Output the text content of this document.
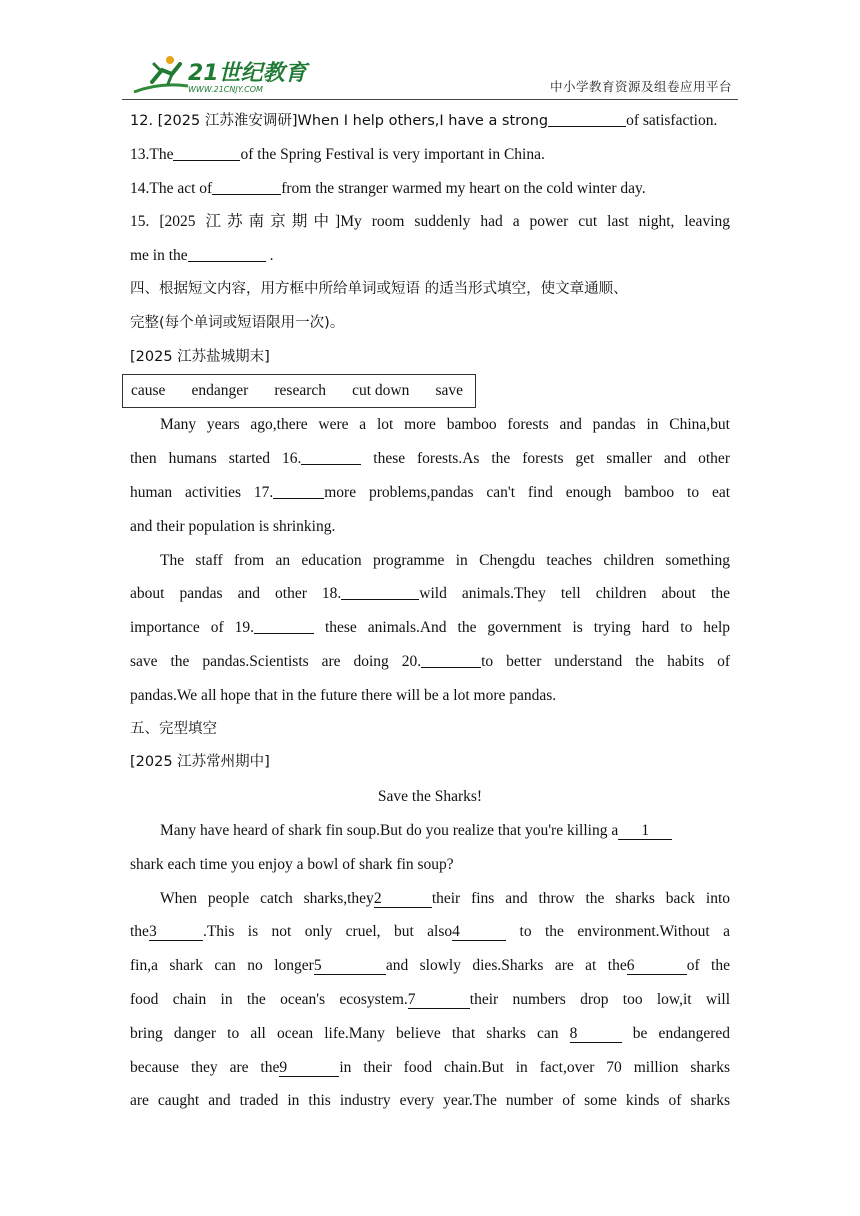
21世纪教育
WWW.21CNJY.COM	中小学教育资源及组卷应用平台
12. [2025 江苏淮安调研]When I help others,I have a strong	of satisfaction.
13.The	of the Spring Festival is very important in China.
14.The act of	from the stranger warmed my heart on the cold winter day.
15. [2025 江苏南京期中]My room suddenly had a power cut last night, leaving
me in the	.
四、根据短文内容，用方框中所给单词或短语 的适当形式填空，使文章通顺、
完整(每个单词或短语限用一次)。
[2025 江苏盐城期末]
cause endanger research cut down save
Many years ago,there were a lot more bamboo forests and pandas in China,but
then humans started 16.	these forests.As the forests get smaller and other
human activities 17.	more problems,pandas can't find enough bamboo to eat
and their population is shrinking.
The staff from an education programme in Chengdu teaches children something
about pandas and other 18.	wild animals.They tell children about the
importance of 19.	these animals.And the government is trying hard to help
save the pandas.Scientists are doing 20.	to better understand the habits of
pandas.We all hope that in the future there will be a lot more pandas.
五、完型填空
[2025 江苏常州期中]
Save the Sharks!
Many have heard of shark fin soup.But do you realize that you're killing a 1
shark each time you enjoy a bowl of shark fin soup?
When people catch sharks,they2	their fins and throw the sharks back into
the3	.This is not only cruel, but also4	to the environment.Without a
fin,a shark can no longer5	and slowly dies.Sharks are at the6	of the
food chain in the ocean's ecosystem.7	their numbers drop too low,it will
bring danger to all ocean life.Many believe that sharks can 8	be endangered
because they are the9	in their food chain.But in fact,over 70 million sharks
are caught and traded in this industry every year.The number of some kinds of sharks
